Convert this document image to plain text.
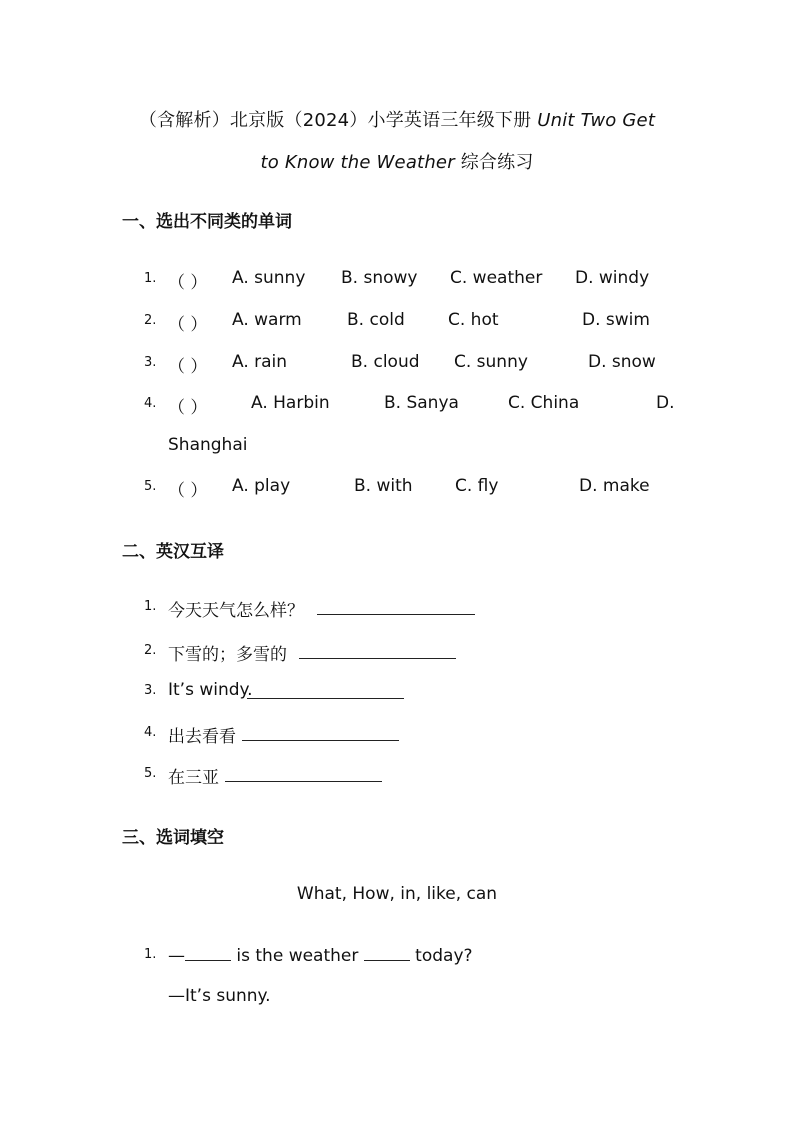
（含解析）北京版（2024）小学英语三年级下册 Unit Two Get
to Know the Weather 综合练习
一、选出不同类的单词
1. （ ） A. sunny B. snowy C. weather D. windy
2. （ ） A. warm	B. cold	C. hot	D. swim
3. （ ） A. rain	B. cloud C. sunny	D. snow
4. （ ）	A. Harbin	B. Sanya	C. China	D.
Shanghai
5. （ ） A. play	B. with C. fly	D. make
二、英汉互译
1. 今天天气怎么样？
2. 下雪的；多雪的
3. It’s windy.
4. 出去看看
5. 在三亚
三、选词填空
What, How, in, like, can
1. —	is the weather	today?
—It’s sunny.
